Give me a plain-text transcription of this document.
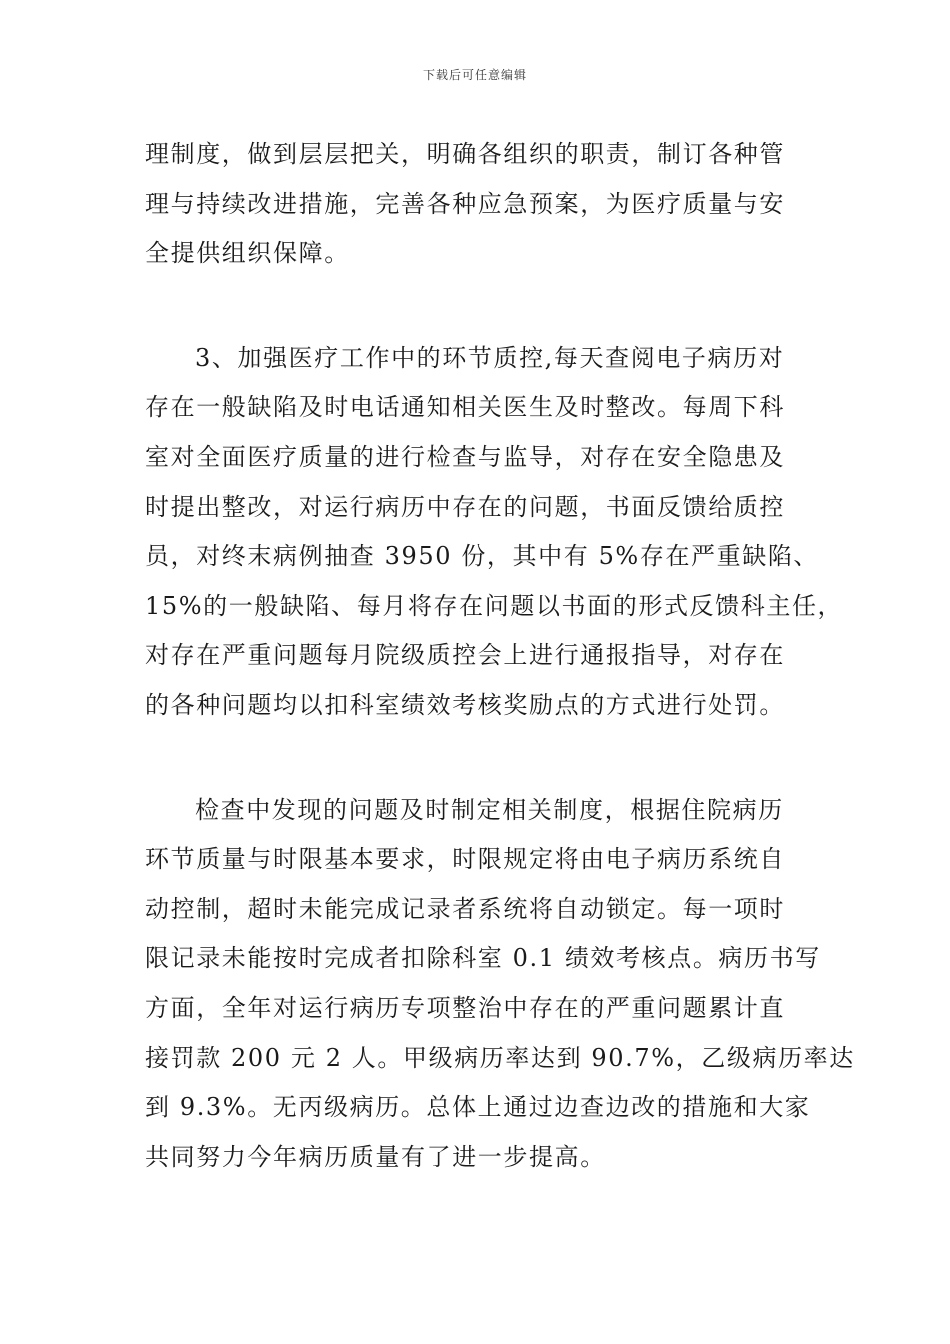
下载后可任意编辑
理制度，做到层层把关，明确各组织的职责，制订各种管
理与持续改进措施，完善各种应急预案，为医疗质量与安
全提供组织保障。
3、加强医疗工作中的环节质控,每天查阅电子病历对
存在一般缺陷及时电话通知相关医生及时整改。每周下科
室对全面医疗质量的进行检查与监导，对存在安全隐患及
时提出整改，对运行病历中存在的问题，书面反馈给质控
员，对终末病例抽查 3950 份，其中有 5%存在严重缺陷、
15%的一般缺陷、每月将存在问题以书面的形式反馈科主任，
对存在严重问题每月院级质控会上进行通报指导，对存在
的各种问题均以扣科室绩效考核奖励点的方式进行处罚。
检查中发现的问题及时制定相关制度，根据住院病历
环节质量与时限基本要求，时限规定将由电子病历系统自
动控制，超时未能完成记录者系统将自动锁定。每一项时
限记录未能按时完成者扣除科室 0.1 绩效考核点。病历书写
方面，全年对运行病历专项整治中存在的严重问题累计直
接罚款 200 元 2 人。甲级病历率达到 90.7%，乙级病历率达
到 9.3%。无丙级病历。总体上通过边查边改的措施和大家
共同努力今年病历质量有了进一步提高。
